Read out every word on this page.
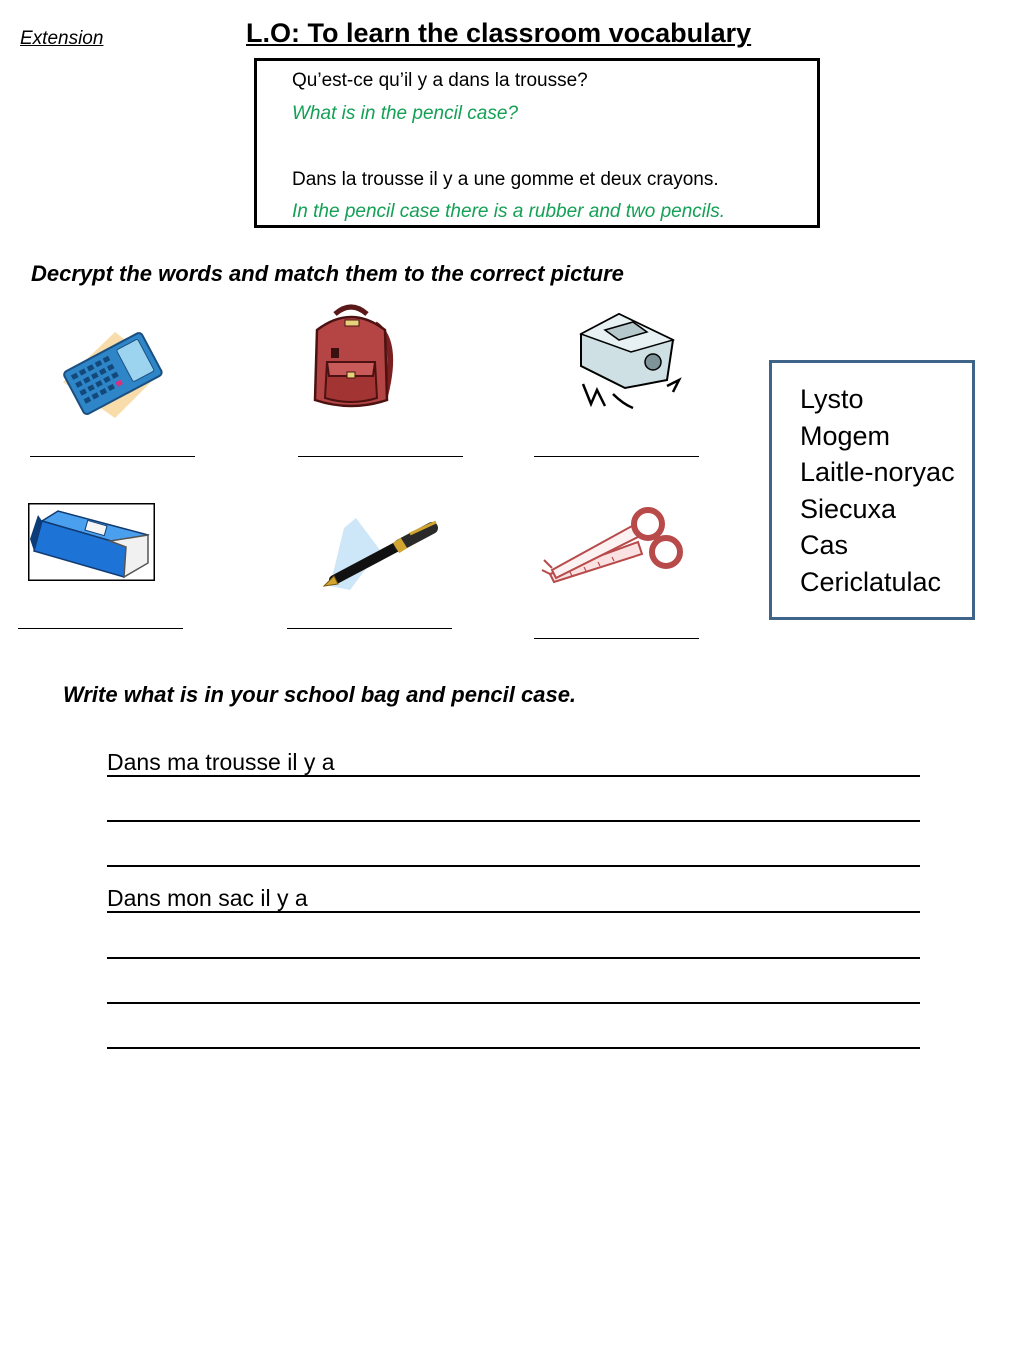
Extension	L.O: To learn the classroom vocabulary
Qu’est-ce qu’il y a dans la trousse?
What is in the pencil case?
Dans la trousse il y a une gomme et deux crayons.
In the pencil case there is a rubber and two pencils.
Decrypt the words and match them to the correct picture
Lysto
Mogem
Laitle-noryac
Siecuxa
Cas
Cericlatulac
Write what is in your school bag and pencil case.
Dans ma trousse il y a
Dans mon sac il y a
